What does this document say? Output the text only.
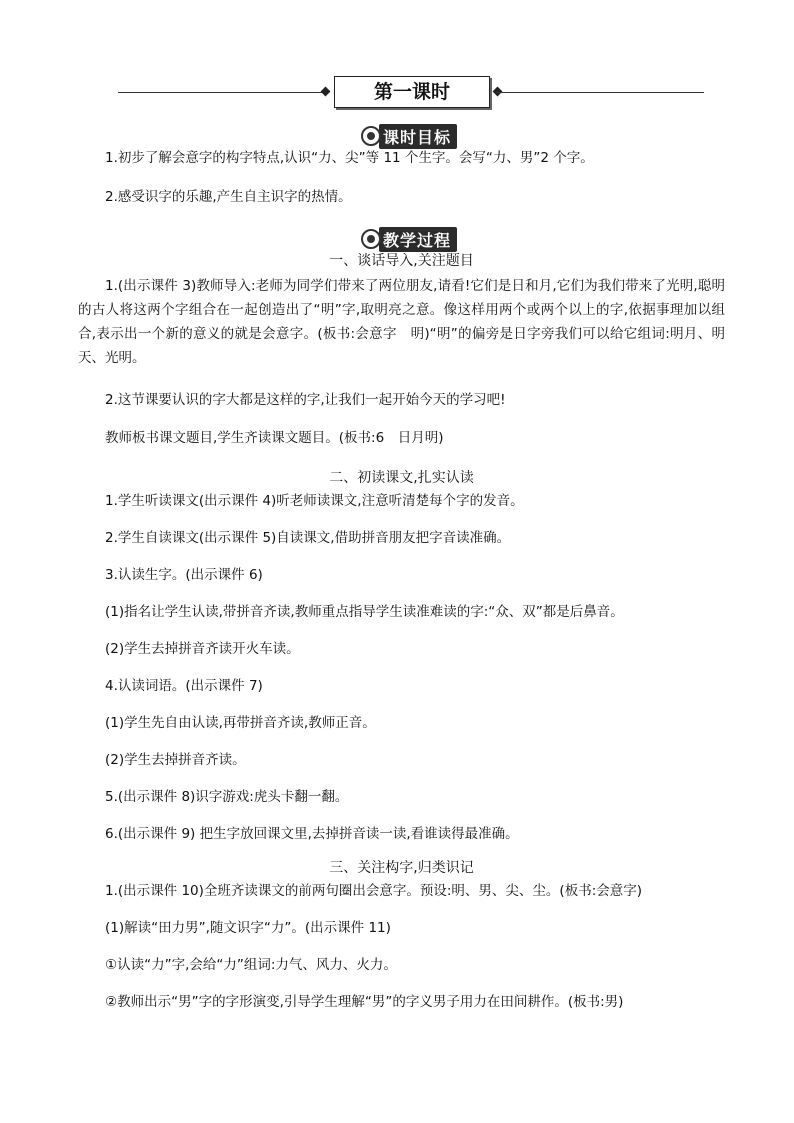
第一课时
课时目标
1.初步了解会意字的构字特点,认识“力、尖”等 11 个生字。会写“力、男”2 个字。
2.感受识字的乐趣,产生自主识字的热情。
教学过程
一、谈话导入,关注题目
1.(出示课件 3)教师导入:老师为同学们带来了两位朋友,请看!它们是日和月,它们为我们带来了光明,聪明的古人将这两个字组合在一起创造出了“明”字,取明亮之意。像这样用两个或两个以上的字,依据事理加以组合,表示出一个新的意义的就是会意字。(板书:会意字　明)“明”的偏旁是日字旁我们可以给它组词:明月、明天、光明。
2.这节课要认识的字大都是这样的字,让我们一起开始今天的学习吧!
教师板书课文题目,学生齐读课文题目。(板书:6　日月明)
二、初读课文,扎实认读
1.学生听读课文(出示课件 4)听老师读课文,注意听清楚每个字的发音。
2.学生自读课文(出示课件 5)自读课文,借助拼音朋友把字音读准确。
3.认读生字。(出示课件 6)
(1)指名让学生认读,带拼音齐读,教师重点指导学生读准难读的字:“众、双”都是后鼻音。
(2)学生去掉拼音齐读开火车读。
4.认读词语。(出示课件 7)
(1)学生先自由认读,再带拼音齐读,教师正音。
(2)学生去掉拼音齐读。
5.(出示课件 8)识字游戏:虎头卡翻一翻。
6.(出示课件 9) 把生字放回课文里,去掉拼音读一读,看谁读得最准确。
三、关注构字,归类识记
1.(出示课件 10)全班齐读课文的前两句圈出会意字。预设:明、男、尖、尘。(板书:会意字)
(1)解读“田力男”,随文识字“力”。(出示课件 11)
①认读“力”字,会给“力”组词:力气、风力、火力。
②教师出示“男”字的字形演变,引导学生理解“男”的字义男子用力在田间耕作。(板书:男)
